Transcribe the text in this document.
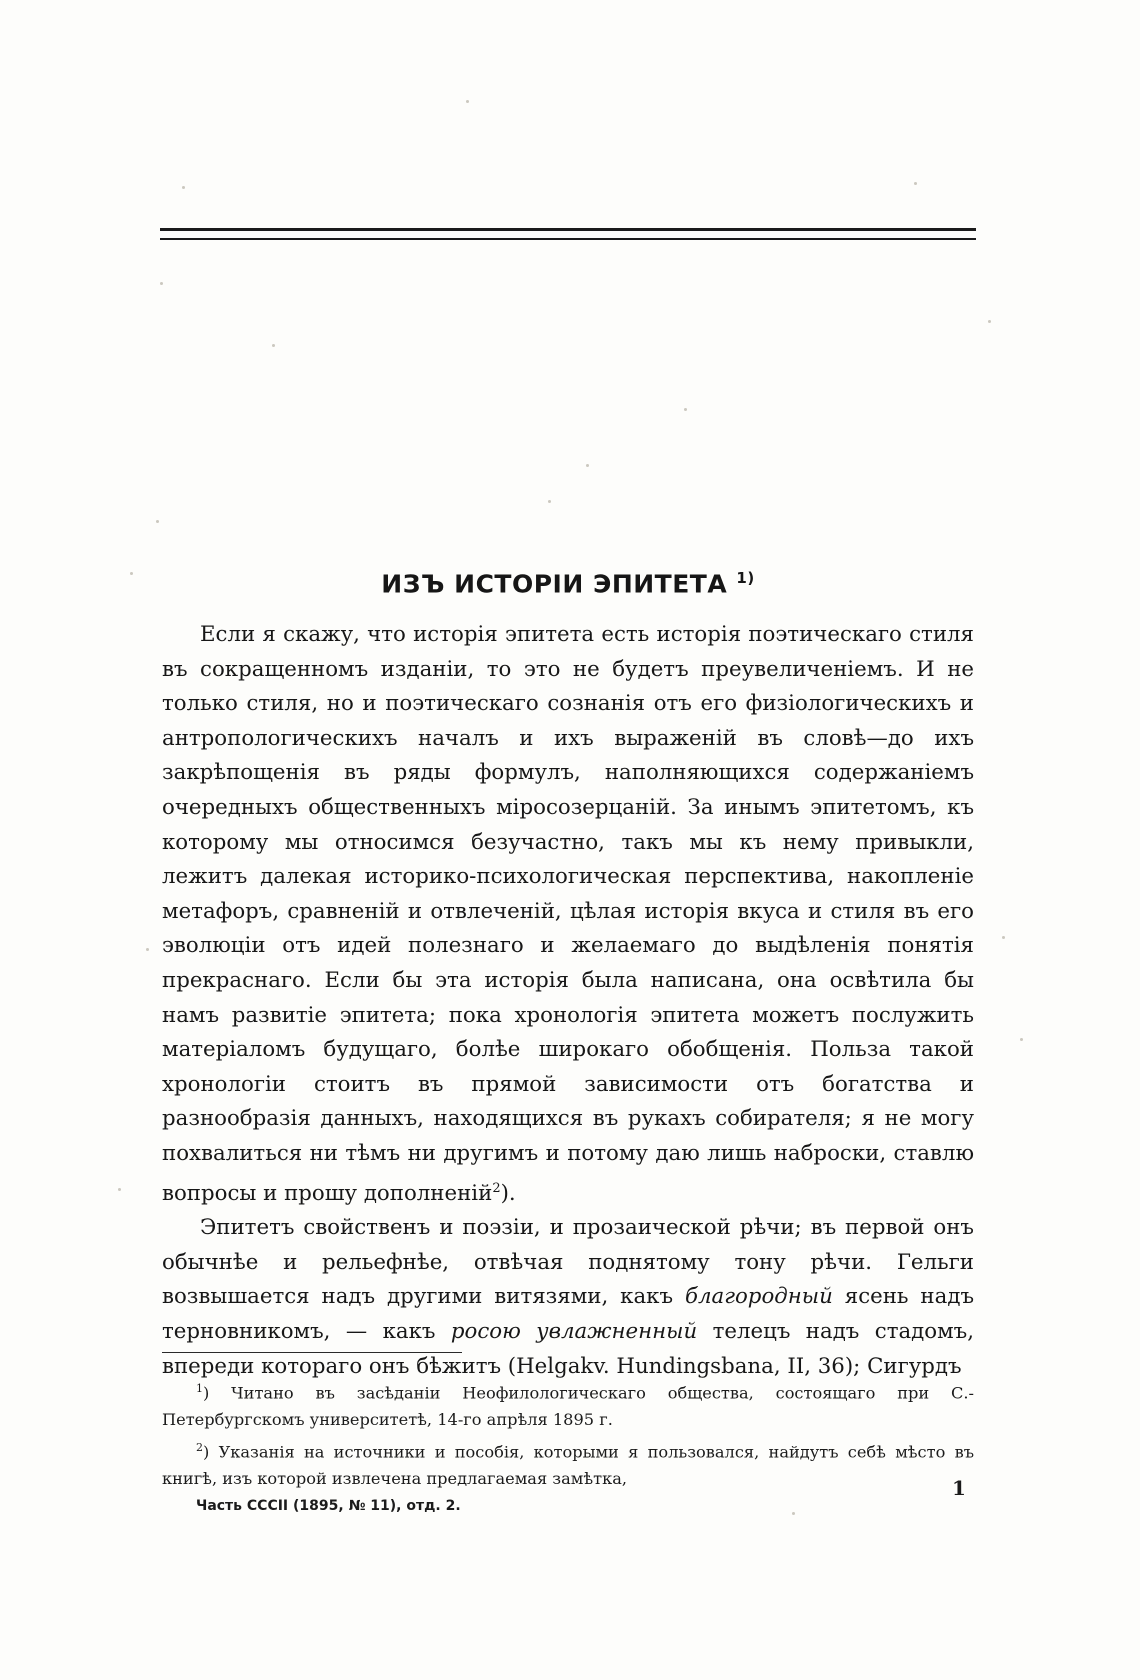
ИЗЪ ИСТОРІИ ЭПИТЕТА $^{1)}$

Если я скажу, что исторія эпитета есть исторія поэтическаго стиля въ сокращенномъ изданіи, то это не будетъ преувеличеніемъ. И не только стиля, но и поэтическаго сознанія отъ его физіологическихъ и антропологическихъ началъ и ихъ выраженій въ словѣ—до ихъ закрѣпощенія въ ряды формулъ, наполняющихся содержаніемъ очередныхъ общественныхъ міросозерцаній. За инымъ эпитетомъ, къ которому мы относимся безучастно, такъ мы къ нему привыкли, лежитъ далекая историко-психологическая перспектива, накопленіе метафоръ, сравненій и отвлеченій, цѣлая исторія вкуса и стиля въ его эволюціи отъ идей полезнаго и желаемаго до выдѣленія понятія прекраснаго. Если бы эта исторія была написана, она освѣтила бы намъ развитіе эпитета; пока хронологія эпитета можетъ послужить матеріаломъ будущаго, болѣе широкаго обобщенія. Польза такой хронологіи стоитъ въ прямой зависимости отъ богатства и разнообразія данныхъ, находящихся въ рукахъ собирателя; я не могу похвалиться ни тѣмъ ни другимъ и потому даю лишь наброски, ставлю вопросы и прошу дополненій$^2$).

Эпитетъ свойственъ и поэзіи, и прозаической рѣчи; въ первой онъ обычнѣе и рельефнѣе, отвѣчая поднятому тону рѣчи. Гельги возвышается надъ другими витязями, какъ благородный ясень надъ терновникомъ, — какъ росою увлажненный телецъ надъ стадомъ, впереди котораго онъ бѣжитъ (Helgakv. Hundingsbana, II, 36); Сигурдъ

$^1$) Читано въ засѣданіи Неофилологическаго общества, состоящаго при С.-Петербургскомъ университетѣ, 14-го апрѣля 1895 г.

$^2$) Указанія на источники и пособія, которыми я пользовался, найдутъ себѣ мѣсто въ книгѣ, изъ которой извлечена предлагаемая замѣтка,

Часть CCCII (1895, № 11), отд. 2.
1
